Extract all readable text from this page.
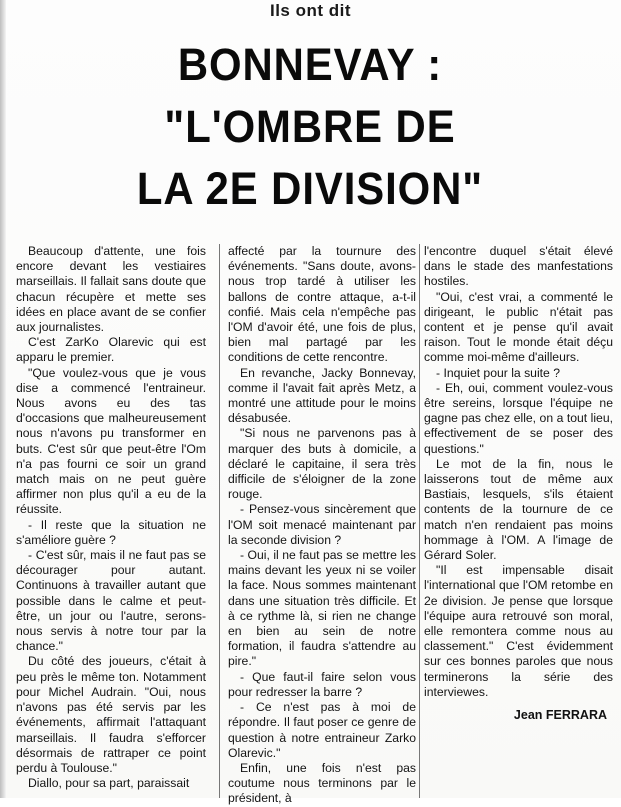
Ils ont dit
BONNEVAY :
"L'OMBRE DE
LA 2E DIVISION"

Beaucoup d'attente, une fois encore devant les vestiaires marseillais. Il fallait sans doute que chacun récupère et mette ses idées en place avant de se confier aux journalistes.

C'est ZarKo Olarevic qui est apparu le premier.

"Que voulez-vous que je vous dise a commencé l'entraineur. Nous avons eu des tas d'occasions que malheureusement nous n'avons pu transformer en buts. C'est sûr que peut-être l'Om n'a pas fourni ce soir un grand match mais on ne peut guère affirmer non plus qu'il a eu de la réussite.

- Il reste que la situation ne s'améliore guère ?

- C'est sûr, mais il ne faut pas se décourager pour autant. Continuons à travailler autant que possible dans le calme et peut-être, un jour ou l'autre, serons-nous servis à notre tour par la chance."

Du côté des joueurs, c'était à peu près le même ton. Notamment pour Michel Audrain. "Oui, nous n'avons pas été servis par les événements, affirmait l'attaquant marseillais. Il faudra s'efforcer désormais de rattraper ce point perdu à Toulouse."

Diallo, pour sa part, paraissait

affecté par la tournure des événements. "Sans doute, avons-nous trop tardé à utiliser les ballons de contre attaque, a-t-il confié. Mais cela n'empêche pas l'OM d'avoir été, une fois de plus, bien mal partagé par les conditions de cette rencontre.

En revanche, Jacky Bonnevay, comme il l'avait fait après Metz, a montré une attitude pour le moins désabusée.

"Si nous ne parvenons pas à marquer des buts à domicile, a déclaré le capitaine, il sera très difficile de s'éloigner de la zone rouge.

- Pensez-vous sincèrement que l'OM soit menacé maintenant par la seconde division ?

- Oui, il ne faut pas se mettre les mains devant les yeux ni se voiler la face. Nous sommes maintenant dans une situation très difficile. Et à ce rythme là, si rien ne change en bien au sein de notre formation, il faudra s'attendre au pire."

- Que faut-il faire selon vous pour redresser la barre ?

- Ce n'est pas à moi de répondre. Il faut poser ce genre de question à notre entraineur Zarko Olarevic."

Enfin, une fois n'est pas coutume nous terminons par le président, à

l'encontre duquel s'était élevé dans le stade des manfestations hostiles.

"Oui, c'est vrai, a commenté le dirigeant, le public n'était pas content et je pense qu'il avait raison. Tout le monde était déçu comme moi-même d'ailleurs.

- Inquiet pour la suite ?

- Eh, oui, comment voulez-vous être sereins, lorsque l'équipe ne gagne pas chez elle, on a tout lieu, effectivement de se poser des questions."

Le mot de la fin, nous le laisserons tout de même aux Bastiais, lesquels, s'ils étaient contents de la tournure de ce match n'en rendaient pas moins hommage à l'OM. A l'image de Gérard Soler.

"Il est impensable disait l'international que l'OM retombe en 2e division. Je pense que lorsque l'équipe aura retrouvé son moral, elle remontera comme nous au classement." C'est évidemment sur ces bonnes paroles que nous terminerons la série des interviewes.

Jean FERRARA
